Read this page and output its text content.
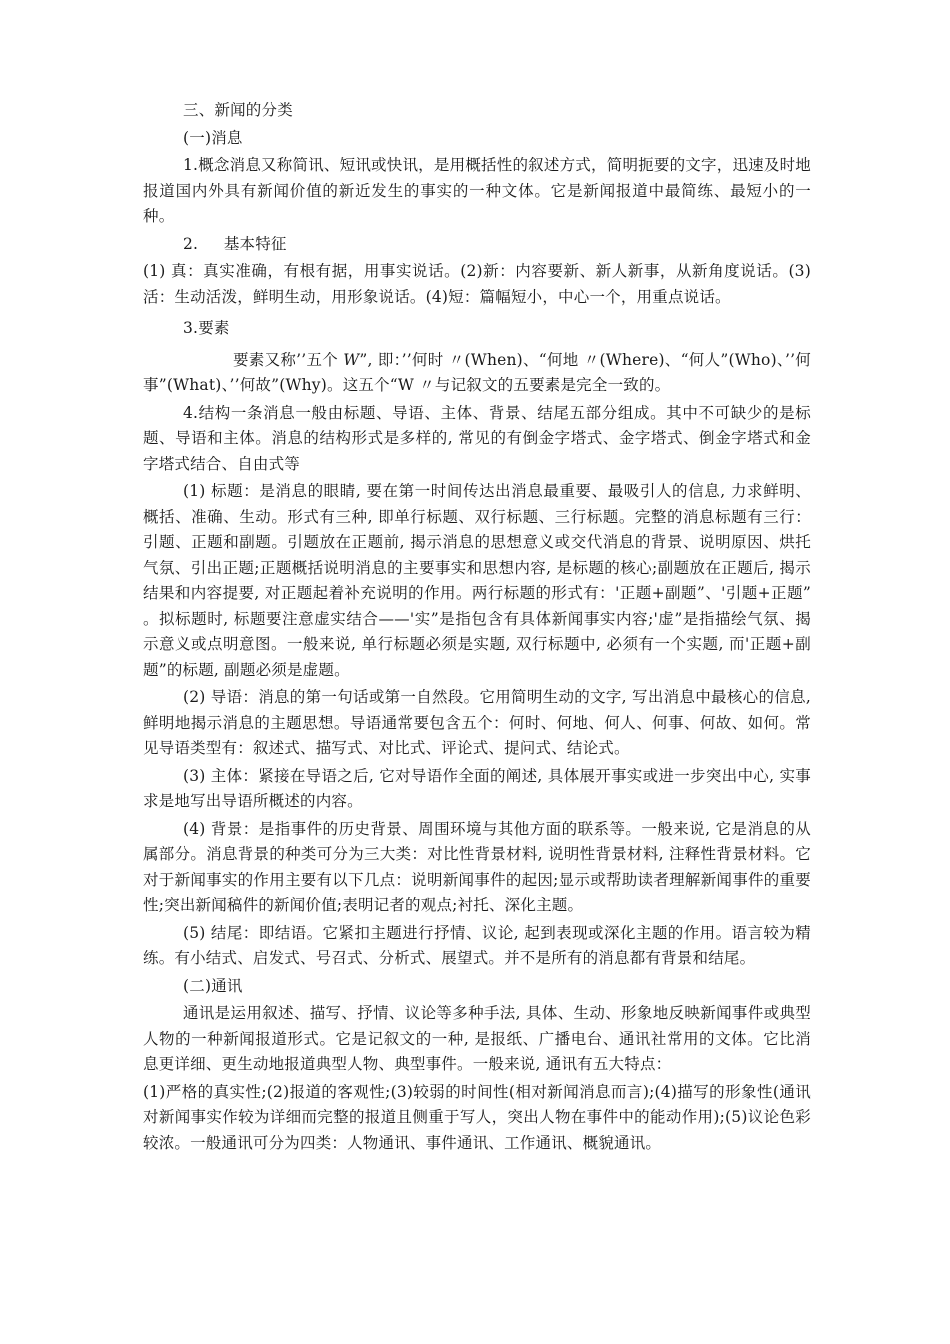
三、新闻的分类

(一)消息

1.概念消息又称简讯、短讯或快讯，是用概括性的叙述方式，简明扼要的文字，迅速及时地报道国内外具有新闻价值的新近发生的事实的一种文体。它是新闻报道中最简练、最短小的一种。

2.     基本特征

(1) 真：真实准确，有根有据，用事实说话。(2)新：内容要新、新人新事，从新角度说话。(3)活：生动活泼，鲜明生动，用形象说话。(4)短：篇幅短小，中心一个，用重点说话。

3.要素

要素又称’’五个 𝑊”, 即：’’何时 〃(When)、“何地 〃(Where)、“何人”(Who)、’’何事”(What)、’’何故”(Why)。这五个“W 〃与记叙文的五要素是完全一致的。

4.结构一条消息一般由标题、导语、主体、背景、结尾五部分组成。其中不可缺少的是标题、导语和主体。消息的结构形式是多样的, 常见的有倒金字塔式、金字塔式、倒金字塔式和金字塔式结合、自由式等

(1) 标题：是消息的眼睛, 要在第一时间传达出消息最重要、最吸引人的信息, 力求鲜明、概括、准确、生动。形式有三种, 即单行标题、双行标题、三行标题。完整的消息标题有三行：引题、正题和副题。引题放在正题前, 揭示消息的思想意义或交代消息的背景、说明原因、烘托气氛、引出正题;正题概括说明消息的主要事实和思想内容, 是标题的核心;副题放在正题后, 揭示结果和内容提要, 对正题起着补充说明的作用。两行标题的形式有：'正题+副题”、'引题+正题” 。拟标题时, 标题要注意虚实结合——'实”是指包含有具体新闻事实内容;'虚”是指描绘气氛、揭示意义或点明意图。一般来说, 单行标题必须是实题, 双行标题中, 必须有一个实题, 而'正题+副题”的标题, 副题必须是虚题。

(2) 导语：消息的第一句话或第一自然段。它用简明生动的文字, 写出消息中最核心的信息, 鲜明地揭示消息的主题思想。导语通常要包含五个：何时、何地、何人、何事、何故、如何。常见导语类型有：叙述式、描写式、对比式、评论式、提问式、结论式。

(3) 主体：紧接在导语之后, 它对导语作全面的阐述, 具体展开事实或进一步突出中心, 实事求是地写出导语所概述的内容。

(4) 背景：是指事件的历史背景、周围环境与其他方面的联系等。一般来说, 它是消息的从属部分。消息背景的种类可分为三大类：对比性背景材料, 说明性背景材料, 注释性背景材料。它对于新闻事实的作用主要有以下几点：说明新闻事件的起因;显示或帮助读者理解新闻事件的重要性;突出新闻稿件的新闻价值;表明记者的观点;衬托、深化主题。

(5) 结尾：即结语。它紧扣主题进行抒情、议论, 起到表现或深化主题的作用。语言较为精练。有小结式、启发式、号召式、分析式、展望式。并不是所有的消息都有背景和结尾。

(二)通讯

通讯是运用叙述、描写、抒情、议论等多种手法, 具体、生动、形象地反映新闻事件或典型人物的一种新闻报道形式。它是记叙文的一种, 是报纸、广播电台、通讯社常用的文体。它比消息更详细、更生动地报道典型人物、典型事件。一般来说, 通讯有五大特点：

(1)严格的真实性;(2)报道的客观性;(3)较弱的时间性(相对新闻消息而言);(4)描写的形象性(通讯对新闻事实作较为详细而完整的报道且侧重于写人，突出人物在事件中的能动作用);(5)议论色彩较浓。一般通讯可分为四类：人物通讯、事件通讯、工作通讯、概貌通讯。
